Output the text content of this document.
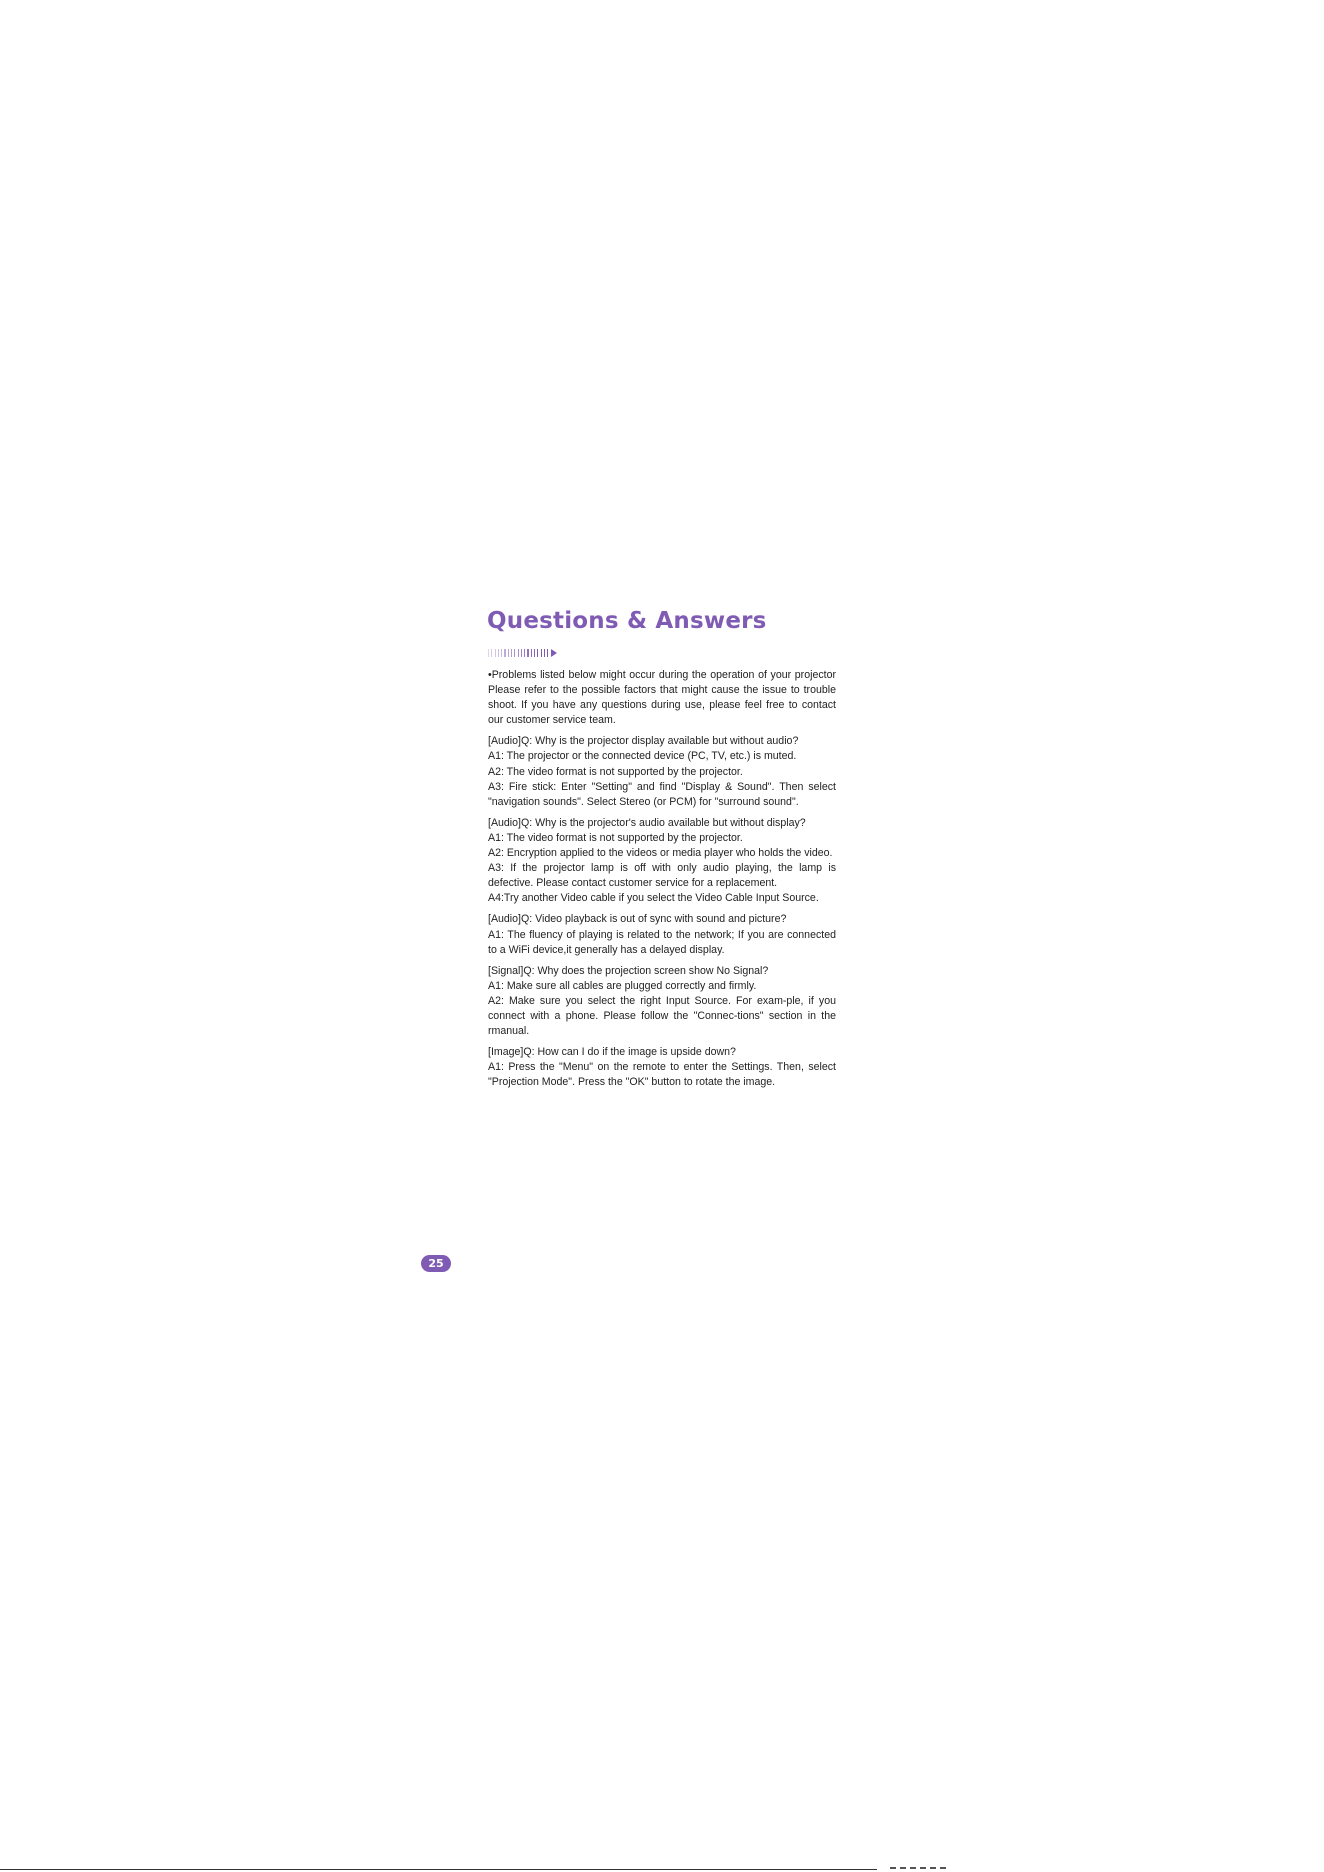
Questions & Answers

•Problems listed below might occur during the operation of your projector Please refer to the possible factors that might cause the issue to trouble shoot. If you have any questions during use, please feel free to contact our customer service team.

[Audio]Q: Why is the projector display available but without audio?
A1: The projector or the connected device (PC, TV, etc.) is muted.
A2: The video format is not supported by the projector.
A3: Fire stick: Enter "Setting" and find "Display & Sound". Then select "navigation sounds". Select Stereo (or PCM) for "surround sound".

[Audio]Q: Why is the projector's audio available but without display?
A1: The video format is not supported by the projector.
A2: Encryption applied to the videos or media player who holds the video.
A3: If the projector lamp is off with only audio playing, the lamp is defective. Please contact customer service for a replacement.
A4:Try another Video cable if you select the Video Cable Input Source.

[Audio]Q: Video playback is out of sync with sound and picture?
A1: The fluency of playing is related to the network; If you are connected to a WiFi device,it generally has a delayed display.

[Signal]Q: Why does the projection screen show No Signal?
A1: Make sure all cables are plugged correctly and firmly.
A2: Make sure you select the right Input Source. For exam-ple, if you connect with a phone. Please follow the "Connec-tions" section in the rmanual.

[Image]Q: How can I do if the image is upside down?
A1: Press the "Menu" on the remote to enter the Settings. Then, select "Projection Mode". Press the "OK" button to rotate the image.

25
